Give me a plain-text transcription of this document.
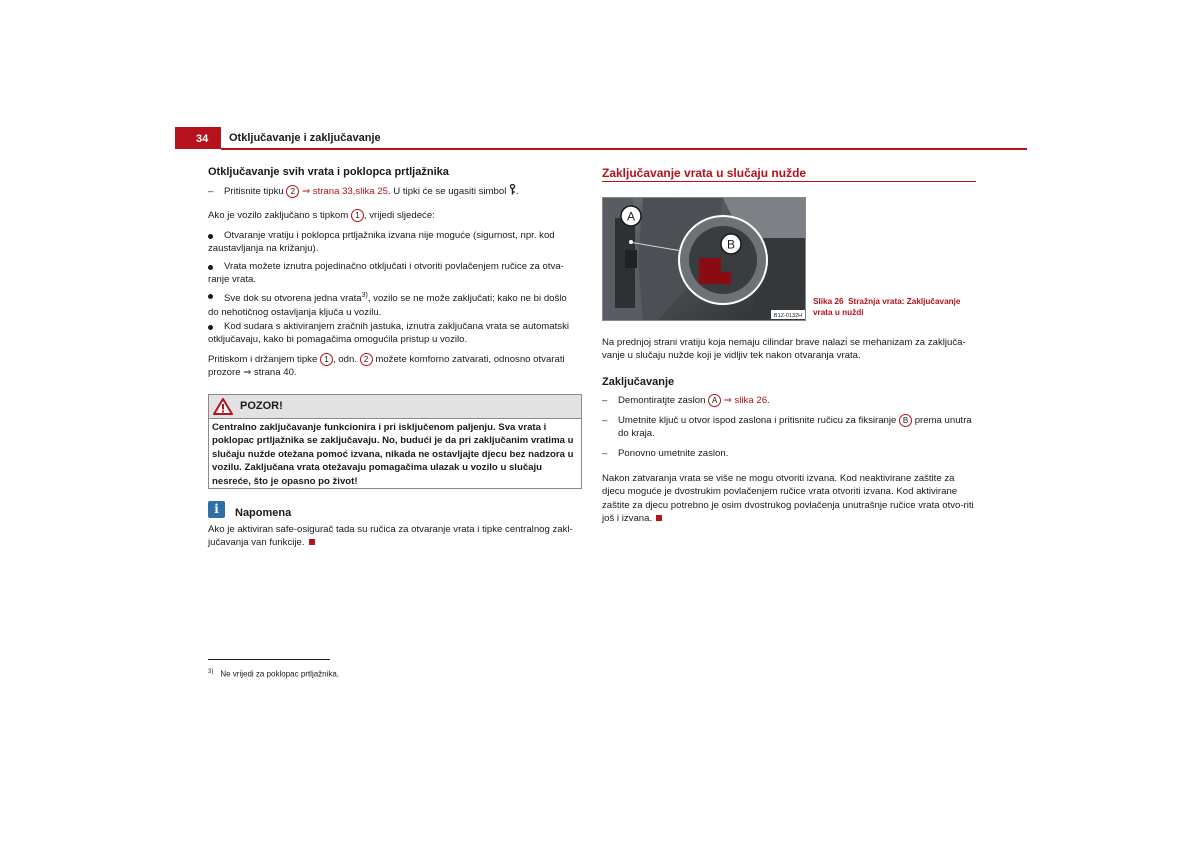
34 Otključavanje i zaključavanje
Otključavanje svih vrata i poklopca prtljažnika
– Pritisnite tipku 2 ⇒ strana 33,slika 25. U tipki će se ugasiti simbol .
Ako je vozilo zaključano s tipkom 1 , vrijedi sljedeće:
Otvaranje vratiju i poklopca prtljažnika izvana nije moguće (sigurnost, npr. kod zaustavljanja na križanju).
Vrata možete iznutra pojedinačno otključati i otvoriti povlačenjem ručice za otva-ranje vrata.
Sve dok su otvorena jedna vrata$^{3)}$, vozilo se ne može zaključati; kako ne bi došlo do nehotičnog ostavljanja ključa u vozilu.
Kod sudara s aktiviranjem zračnih jastuka, iznutra zaključana vrata se automatski otključavaju, kako bi pomagačima omogućila pristup u vozilo.
Pritiskom i držanjem tipke 1 , odn. 2 možete komforno zatvarati, odnosno otvarati prozore ⇒ strana 40.
POZOR!
Centralno zaključavanje funkcionira i pri isključenom paljenju. Sva vrata i poklopac prtljažnika se zaključavaju. No, budući je da pri zaključanim vratima u slučaju nužde otežana pomoć izvana, nikada ne ostavljajte djecu bez nadzora u vozilu. Zaključana vrata otežavaju pomagačima ulazak u vozilo u slučaju nesreće, što je opasno po život!
i	Napomena
Ako je aktiviran safe-osigurač tada su ručica za otvaranje vrata i tipke centralnog zakl-jučavanja van funkcije.
$^{3)}$ Ne vrijedi za poklopac prtljažnika.
Zaključavanje vrata u slučaju nužde
A
B
B1Z-0132H
Slika 26 Stražnja vrata: Zaključavanje vrata u nuždi
Na prednjoj strani vratiju koja nemaju cilindar brave nalazi se mehanizam za zaključa-vanje u slučaju nužde koji je vidljiv tek nakon otvaranja vrata.
Zaključavanje
– Demontiratjte zaslon A ⇒ slika 26.
– Umetnite ključ u otvor ispod zaslona i pritisnite ručicu za fiksiranje B prema unutra do kraja.
– Ponovno umetnite zaslon.
Nakon zatvaranja vrata se više ne mogu otvoriti izvana. Kod neaktivirane zaštite za djecu moguće je dvostrukim povlačenjem ručice vrata otvoriti izvana. Kod aktivirane zaštite za djecu potrebno je osim dvostrukog povlačenja unutrašnje ručice vrata otvo-riti još i izvana.
